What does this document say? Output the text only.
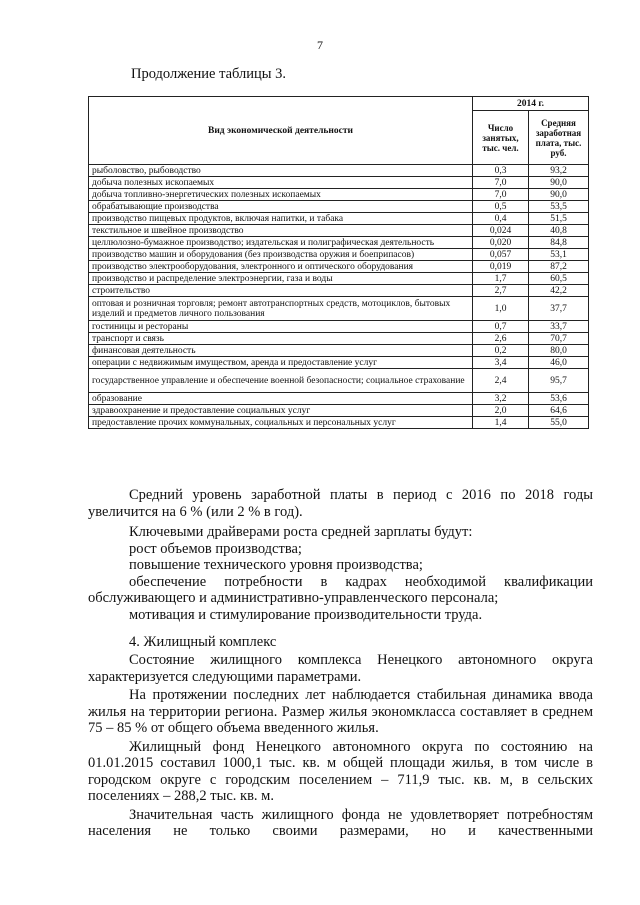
7
Продолжение таблицы 3.
Вид экономической деятельности	2014 г.	
	Число занятых, тыс. чел.	Средняя заработная плата, тыс. руб.
рыболовство, рыбоводство	0,3	93,2
добыча полезных ископаемых	7,0	90,0
добыча топливно-энергетических полезных ископаемых	7,0	90,0
обрабатывающие производства	0,5	53,5
производство пищевых продуктов, включая напитки, и табака	0,4	51,5
текстильное и швейное производство	0,024	40,8
целлюлозно-бумажное производство; издательская и полиграфическая деятельность	0,020	84,8
производство машин и оборудования (без производства оружия и боеприпасов)	0,057	53,1
производство электрооборудования, электронного и оптического оборудования	0,019	87,2
производство и распределение электроэнергии, газа и воды	1,7	60,5
строительство	2,7	42,2
оптовая и розничная торговля; ремонт автотранспортных средств, мотоциклов, бытовых изделий и предметов личного пользования	1,0	37,7
гостиницы и рестораны	0,7	33,7
транспорт и связь	2,6	70,7
финансовая деятельность	0,2	80,0
операции с недвижимым имуществом, аренда и предоставление услуг	3,4	46,0
государственное управление и обеспечение военной безопасности; социальное страхование	2,4	95,7
образование	3,2	53,6
здравоохранение и предоставление социальных услуг	2,0	64,6
предоставление прочих коммунальных, социальных и персональных услуг	1,4	55,0

Средний уровень заработной платы в период с 2016 по 2018 годы увеличится на 6 % (или 2 % в год).

Ключевыми драйверами роста средней зарплаты будут:

рост объемов производства;

повышение технического уровня производства;

обеспечение потребности в кадрах необходимой квалификации обслуживающего и административно-управленческого персонала;

мотивация и стимулирование производительности труда.

4. Жилищный комплекс

Состояние жилищного комплекса Ненецкого автономного округа характеризуется следующими параметрами.

На протяжении последних лет наблюдается стабильная динамика ввода жилья на территории региона. Размер жилья экономкласса составляет в среднем 75 – 85 % от общего объема введенного жилья.

Жилищный фонд Ненецкого автономного округа по состоянию на 01.01.2015 составил 1000,1 тыс. кв. м общей площади жилья, в том числе в городском округе с городским поселением – 711,9 тыс. кв. м, в сельских поселениях – 288,2 тыс. кв. м.

Значительная часть жилищного фонда не удовлетворяет потребностям населения не только своими размерами, но и качественными
